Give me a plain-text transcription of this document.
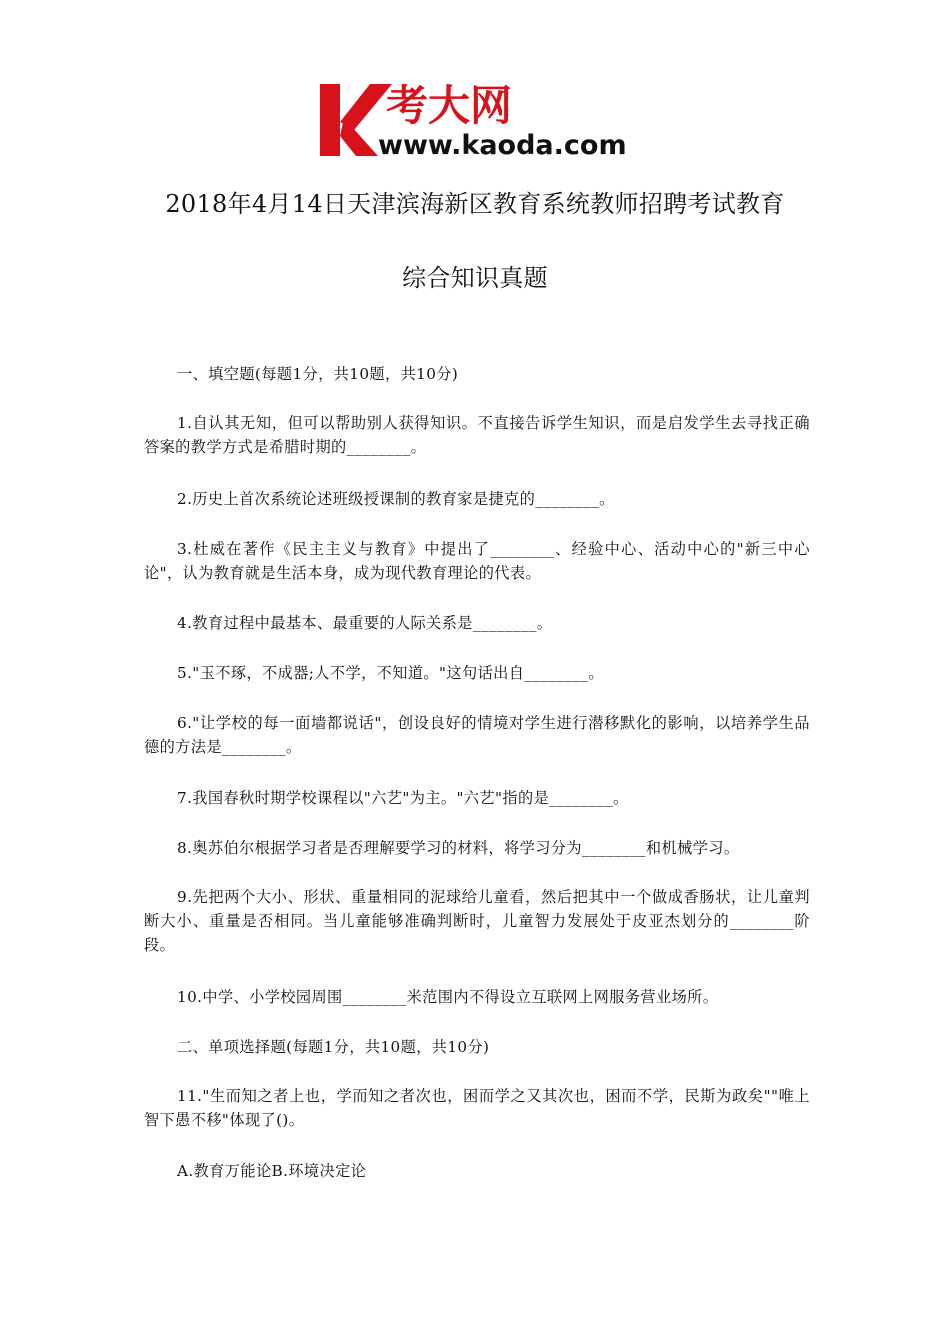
考大网
www.kaoda.com
2018年4月14日天津滨海新区教育系统教师招聘考试教育
综合知识真题

一、填空题(每题1分，共10题，共10分)

1.自认其无知，但可以帮助别人获得知识。不直接告诉学生知识，而是启发学生去寻找正确答案的教学方式是希腊时期的________。

2.历史上首次系统论述班级授课制的教育家是捷克的________。

3.杜威在著作《民主主义与教育》中提出了________、经验中心、活动中心的"新三中心论"，认为教育就是生活本身，成为现代教育理论的代表。

4.教育过程中最基本、最重要的人际关系是________。

5."玉不琢，不成器;人不学，不知道。"这句话出自________。

6."让学校的每一面墙都说话"，创设良好的情境对学生进行潜移默化的影响，以培养学生品德的方法是________。

7.我国春秋时期学校课程以"六艺"为主。"六艺"指的是________。

8.奥苏伯尔根据学习者是否理解要学习的材料，将学习分为________和机械学习。

9.先把两个大小、形状、重量相同的泥球给儿童看，然后把其中一个做成香肠状，让儿童判断大小、重量是否相同。当儿童能够准确判断时，儿童智力发展处于皮亚杰划分的________阶段。

10.中学、小学校园周围________米范围内不得设立互联网上网服务营业场所。

二、单项选择题(每题1分，共10题，共10分)

11."生而知之者上也，学而知之者次也，困而学之又其次也，困而不学，民斯为政矣""唯上智下愚不移"体现了()。

A.教育万能论B.环境决定论
